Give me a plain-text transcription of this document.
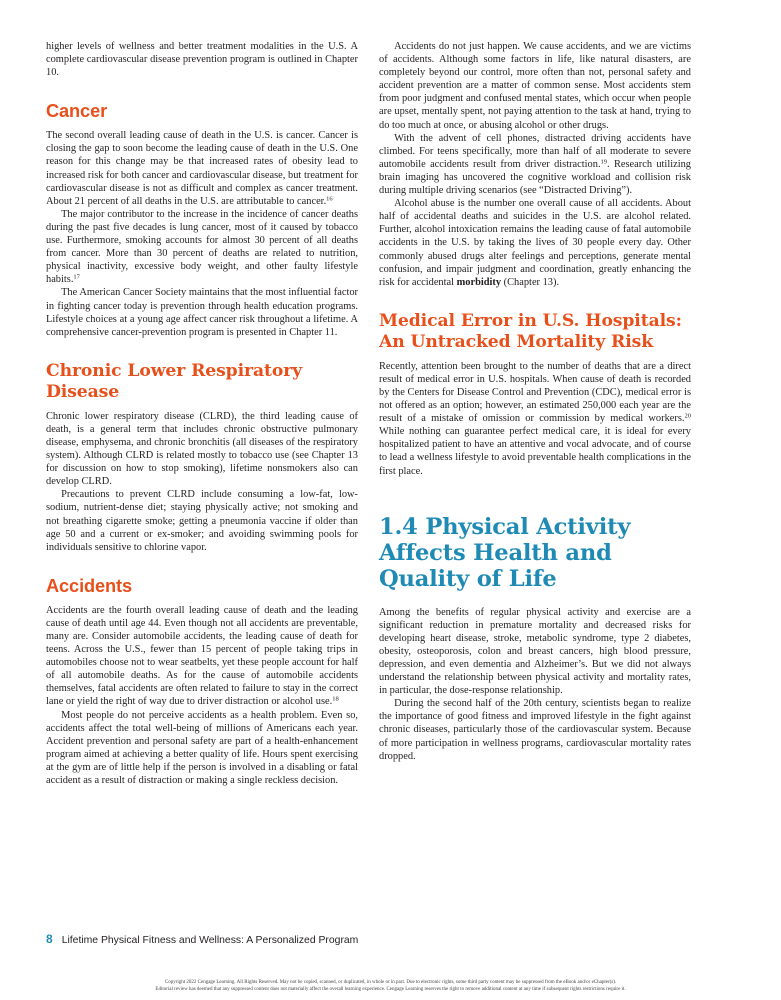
higher levels of wellness and better treatment modalities in the U.S. A complete cardiovascular disease prevention program is outlined in Chapter 10.

Cancer

The second overall leading cause of death in the U.S. is cancer. Cancer is closing the gap to soon become the leading cause of death in the U.S. One reason for this change may be that increased rates of obesity lead to increased risk for both cancer and cardiovascular disease, but treatment for cardiovascular disease is not as difficult and complex as cancer treatment. About 21 percent of all deaths in the U.S. are attributable to cancer.$^{16}$

The major contributor to the increase in the incidence of cancer deaths during the past five decades is lung cancer, most of it caused by tobacco use. Furthermore, smoking accounts for almost 30 percent of all deaths from cancer. More than 30 percent of deaths are related to nutrition, physical inactivity, excessive body weight, and other faulty lifestyle habits.$^{17}$

The American Cancer Society maintains that the most influential factor in fighting cancer today is prevention through health education programs. Lifestyle choices at a young age affect cancer risk throughout a lifetime. A comprehensive cancer-prevention program is presented in Chapter 11.

Chronic Lower Respiratory Disease

Chronic lower respiratory disease (CLRD), the third leading cause of death, is a general term that includes chronic obstructive pulmonary disease, emphysema, and chronic bronchitis (all diseases of the respiratory system). Although CLRD is related mostly to tobacco use (see Chapter 13 for discussion on how to stop smoking), lifetime nonsmokers also can develop CLRD.

Precautions to prevent CLRD include consuming a low-fat, low-sodium, nutrient-dense diet; staying physically active; not smoking and not breathing cigarette smoke; getting a pneumonia vaccine if older than age 50 and a current or ex-smoker; and avoiding swimming pools for individuals sensitive to chlorine vapor.

Accidents

Accidents are the fourth overall leading cause of death and the leading cause of death until age 44. Even though not all accidents are preventable, many are. Consider automobile accidents, the leading cause of death for teens. Across the U.S., fewer than 15 percent of people taking trips in automobiles choose not to wear seatbelts, yet these people account for half of all automobile deaths. As for the cause of automobile accidents themselves, fatal accidents are often related to failure to stay in the correct lane or yield the right of way due to driver distraction or alcohol use.$^{18}$

Most people do not perceive accidents as a health problem. Even so, accidents affect the total well-being of millions of Americans each year. Accident prevention and personal safety are part of a health-enhancement program aimed at achieving a better quality of life. Hours spent exercising at the gym are of little help if the person is involved in a disabling or fatal accident as a result of distraction or making a single reckless decision.

Accidents do not just happen. We cause accidents, and we are victims of accidents. Although some factors in life, like natural disasters, are completely beyond our control, more often than not, personal safety and accident prevention are a matter of common sense. Most accidents stem from poor judgment and confused mental states, which occur when people are upset, mentally spent, not paying attention to the task at hand, trying to do too much at once, or abusing alcohol or other drugs.

With the advent of cell phones, distracted driving accidents have climbed. For teens specifically, more than half of all moderate to severe automobile accidents result from driver distraction.$^{19}$. Research utilizing brain imaging has uncovered the cognitive workload and collision risk during multiple driving scenarios (see “Distracted Driving”).

Alcohol abuse is the number one overall cause of all accidents. About half of accidental deaths and suicides in the U.S. are alcohol related. Further, alcohol intoxication remains the leading cause of fatal automobile accidents in the U.S. by taking the lives of 30 people every day. Other commonly abused drugs alter feelings and perceptions, generate mental confusion, and impair judgment and coordination, greatly enhancing the risk for accidental morbidity (Chapter 13).

Medical Error in U.S. Hospitals: An Untracked Mortality Risk

Recently, attention been brought to the number of deaths that are a direct result of medical error in U.S. hospitals. When cause of death is recorded by the Centers for Disease Control and Prevention (CDC), medical error is not offered as an option; however, an estimated 250,000 each year are the result of a mistake of omission or commission by medical workers.$^{20}$ While nothing can guarantee perfect medical care, it is ideal for every hospitalized patient to have an attentive and vocal advocate, and of course to lead a wellness lifestyle to avoid preventable health complications in the first place.

1.4 Physical Activity Affects Health and Quality of Life

Among the benefits of regular physical activity and exercise are a significant reduction in premature mortality and decreased risks for developing heart disease, stroke, metabolic syndrome, type 2 diabetes, obesity, osteoporosis, colon and breast cancers, high blood pressure, depression, and even dementia and Alzheimer’s. But we did not always understand the relationship between physical activity and mortality rates, in particular, the dose-response relationship.

During the second half of the 20th century, scientists began to realize the importance of good fitness and improved lifestyle in the fight against chronic diseases, particularly those of the cardiovascular system. Because of more participation in wellness programs, cardiovascular mortality rates dropped.

8 Lifetime Physical Fitness and Wellness: A Personalized Program
Copyright 2022 Cengage Learning. All Rights Reserved. May not be copied, scanned, or duplicated, in whole or in part. Due to electronic rights, some third party content may be suppressed from the eBook and/or eChapter(s).
Editorial review has deemed that any suppressed content does not materially affect the overall learning experience. Cengage Learning reserves the right to remove additional content at any time if subsequent rights restrictions require it.
